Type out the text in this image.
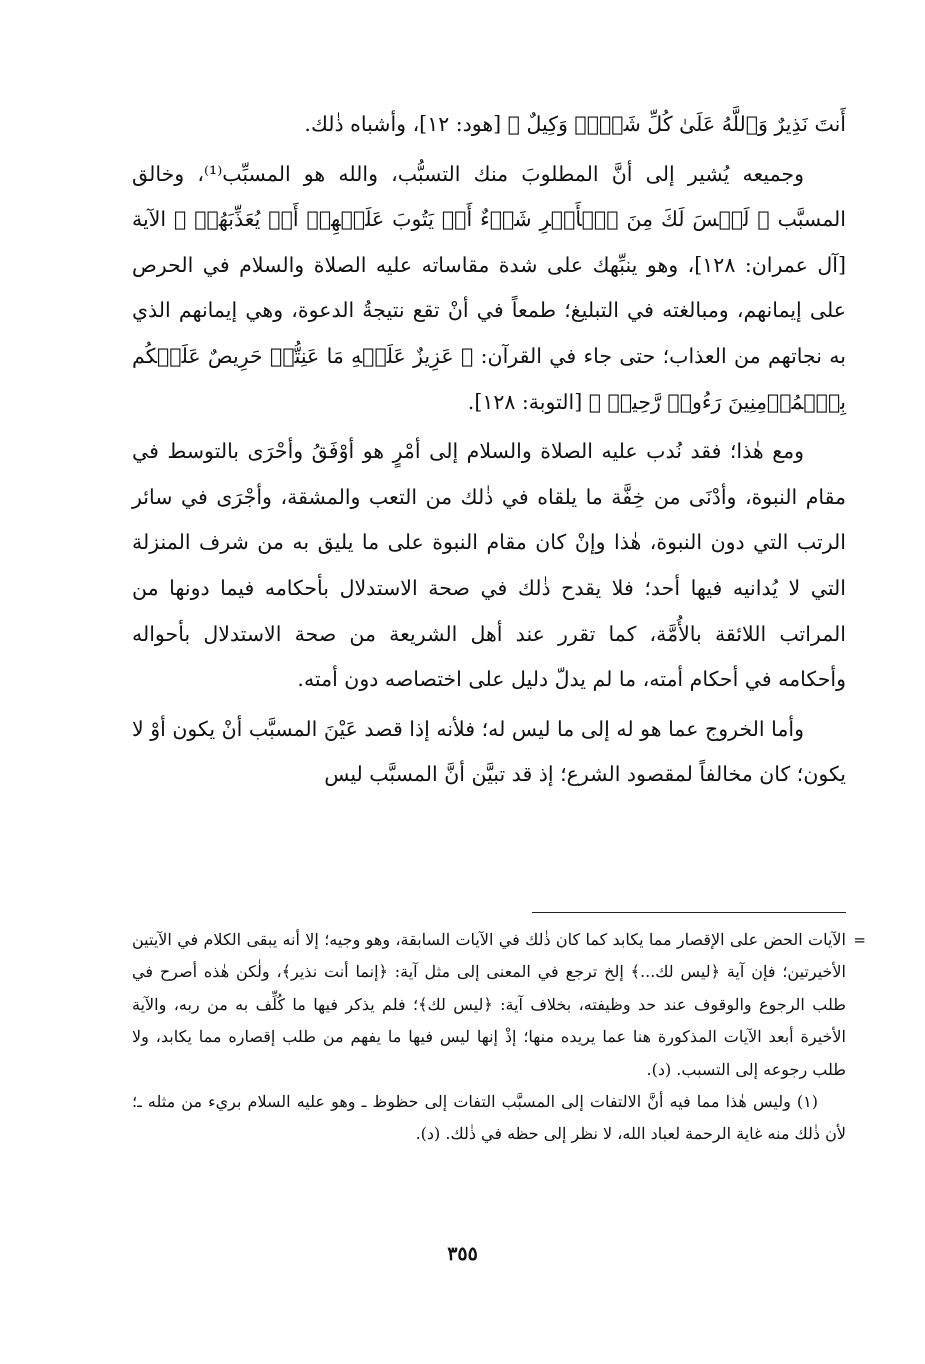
أَنتَ نَذِيرٌ وَٱللَّهُ عَلَىٰ كُلِّ شَيۡءٖ وَكِيلٌ ﴾ [هود: ١٢]، وأشباه ذٰلك.

وجميعه يُشير إلى أنَّ المطلوبَ منك التسبُّب، والله هو المسبِّب⁽¹⁾، وخالق المسبَّب ﴿ لَيۡسَ لَكَ مِنَ ٱلۡأَمۡرِ شَيۡءٌ أَوۡ يَتُوبَ عَلَيۡهِمۡ أَوۡ يُعَذِّبَهُمۡ ﴾ الآية [آل عمران: ١٢٨]، وهو ينبِّهك على شدة مقاساته عليه الصلاة والسلام في الحرص على إيمانهم، ومبالغته في التبليغ؛ طمعاً في أنْ تقع نتيجةُ الدعوة، وهي إيمانهم الذي به نجاتهم من العذاب؛ حتى جاء في القرآن: ﴿ عَزِيزٌ عَلَيۡهِ مَا عَنِتُّمۡ حَرِيصٌ عَلَيۡكُم بِٱلۡمُؤۡمِنِينَ رَءُوفٞ رَّحِيمٞ ﴾ [التوبة: ١٢٨].

ومع هٰذا؛ فقد نُدب عليه الصلاة والسلام إلى أمْرٍ هو أوْفَقُ وأحْرَى بالتوسط في مقام النبوة، وأدْنَى من خِفَّة ما يلقاه في ذٰلك من التعب والمشقة، وأجْرَى في سائر الرتب التي دون النبوة، هٰذا وإنْ كان مقام النبوة على ما يليق به من شرف المنزلة التي لا يُدانيه فيها أحد؛ فلا يقدح ذٰلك في صحة الاستدلال بأحكامه فيما دونها من المراتب اللائقة بالأُمَّة، كما تقرر عند أهل الشريعة من صحة الاستدلال بأحواله وأحكامه في أحكام أمته، ما لم يدلّ دليل على اختصاصه دون أمته.

وأما الخروج عما هو له إلى ما ليس له؛ فلأنه إذا قصد عَيْنَ المسبَّب أنْ يكون أوْ لا يكون؛ كان مخالفاً لمقصود الشرع؛ إذ قد تبيَّن أنَّ المسبَّب ليس

=
الآيات الحض على الإقصار مما يكابد كما كان ذٰلك في الآيات السابقة، وهو وجيه؛ إلا أنه يبقى الكلام في الآيتين الأخيرتين؛ فإن آية ﴿ليس لك...﴾ إلخ ترجع في المعنى إلى مثل آية: ﴿إنما أنت نذير﴾، ولٰكن هٰذه أصرح في طلب الرجوع والوقوف عند حد وظيفته، بخلاف آية: ﴿ليس لك﴾؛ فلم يذكر فيها ما كُلِّف به من ربه، والآية الأخيرة أبعد الآيات المذكورة هنا عما يريده منها؛ إذْ إنها ليس فيها ما يفهم من طلب إقصاره مما يكابد، ولا طلب رجوعه إلى التسبب. (د).

(١) وليس هٰذا مما فيه أنَّ الالتفات إلى المسبَّب التفات إلى حظوظ ـ وهو عليه السلام بريء من مثله ـ؛ لأن ذٰلك منه غاية الرحمة لعباد الله، لا نظر إلى حظه في ذٰلك. (د).

٣٥٥
